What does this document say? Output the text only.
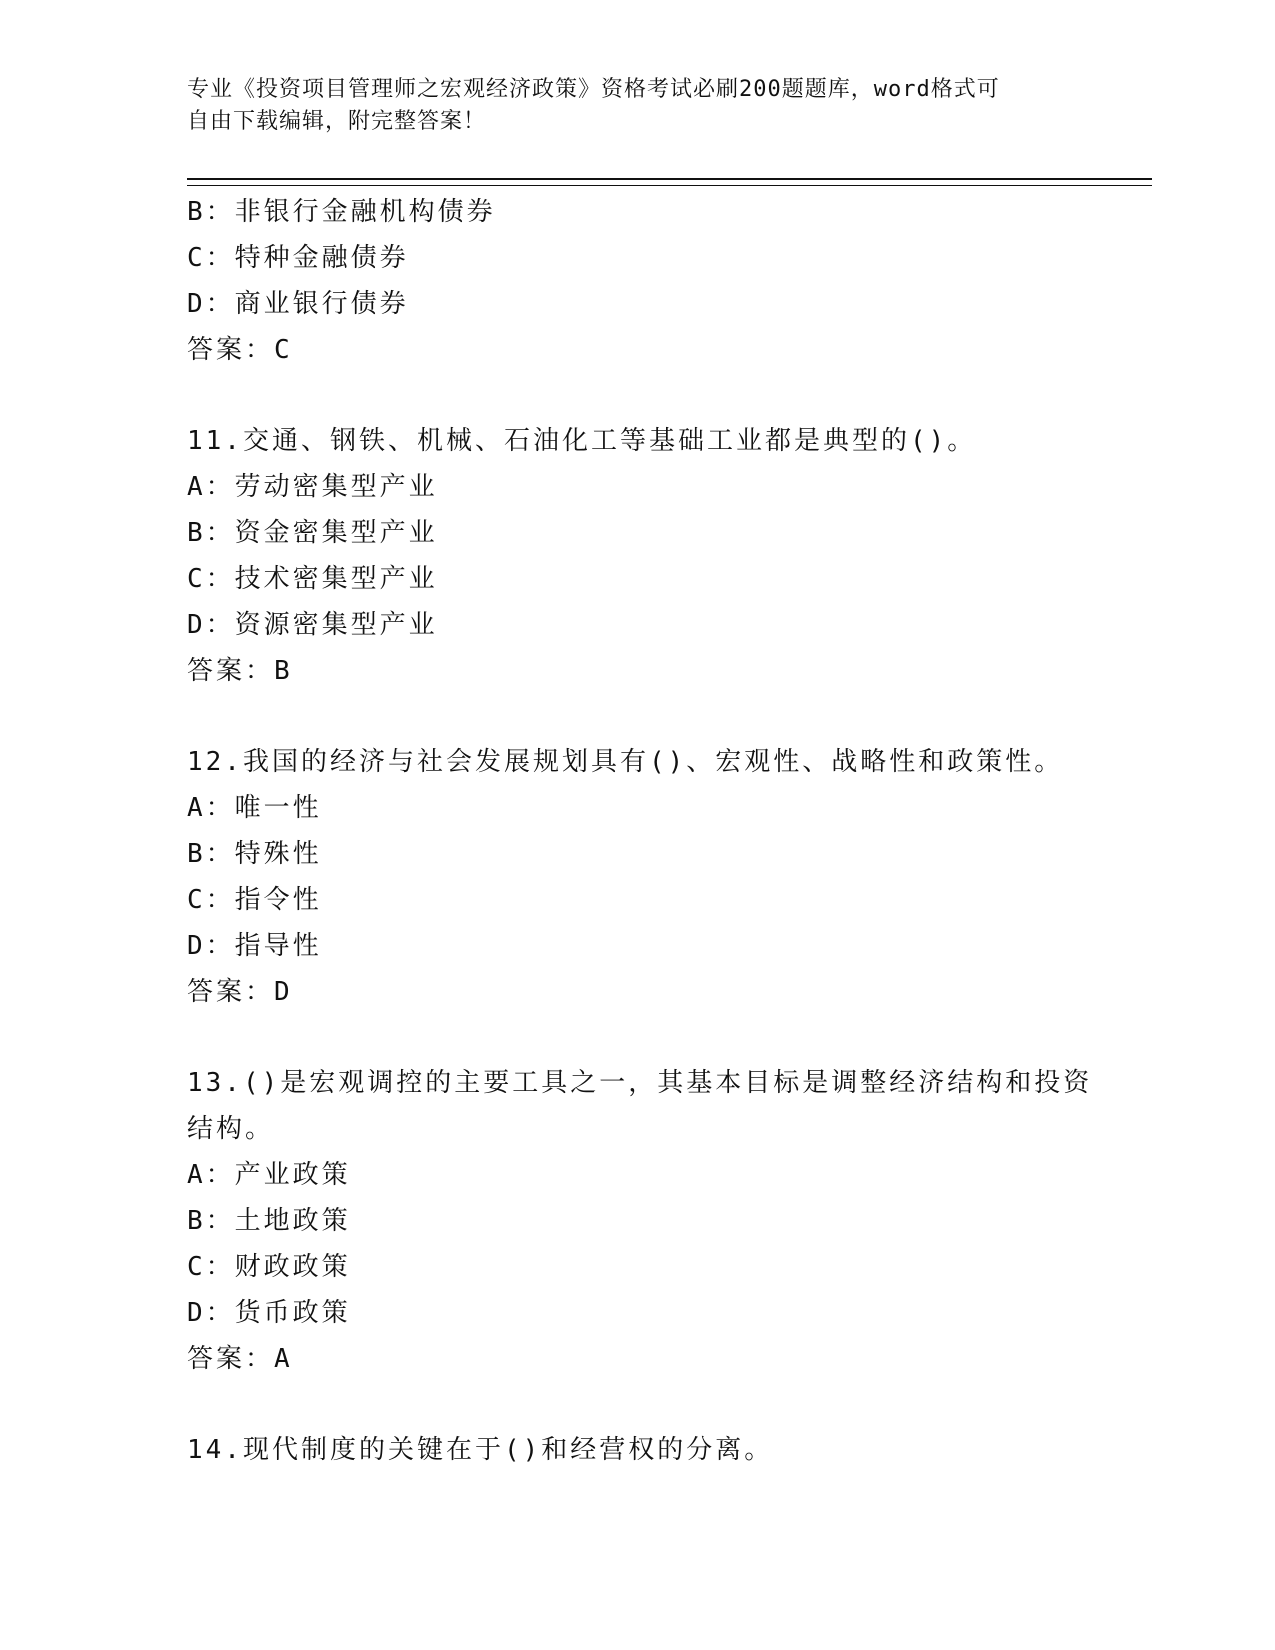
专业《投资项目管理师之宏观经济政策》资格考试必刷200题题库，word格式可
自由下载编辑，附完整答案！
B：非银行金融机构债券
C：特种金融债券
D：商业银行债券
答案：C
11.交通、钢铁、机械、石油化工等基础工业都是典型的()。
A：劳动密集型产业
B：资金密集型产业
C：技术密集型产业
D：资源密集型产业
答案：B
12.我国的经济与社会发展规划具有()、宏观性、战略性和政策性。
A：唯一性
B：特殊性
C：指令性
D：指导性
答案：D
13.()是宏观调控的主要工具之一，其基本目标是调整经济结构和投资
结构。
A：产业政策
B：土地政策
C：财政政策
D：货币政策
答案：A
14.现代制度的关键在于()和经营权的分离。
